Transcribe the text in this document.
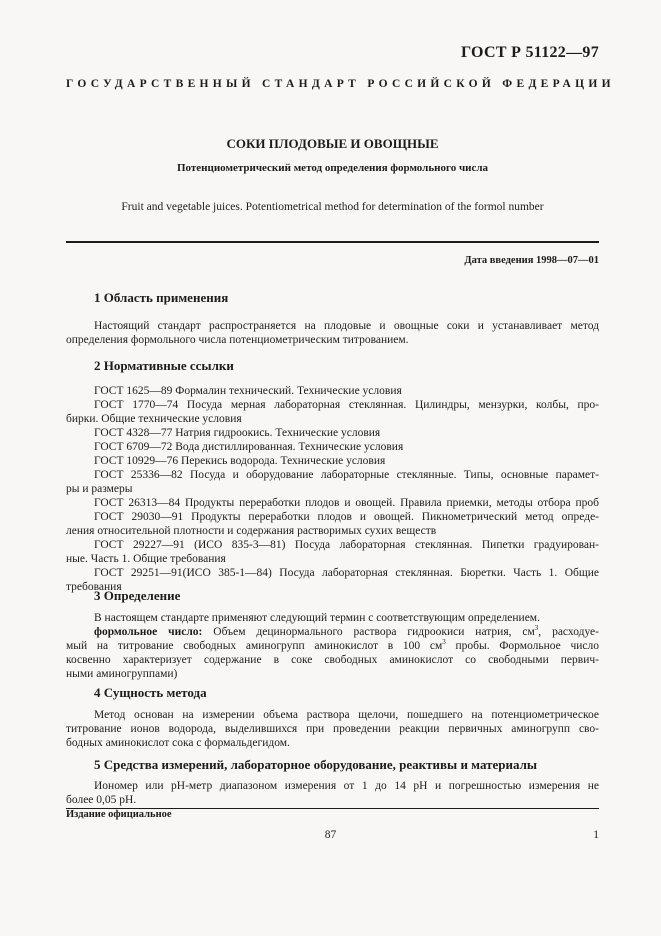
ГОСТ Р 51122—97
ГОСУДАРСТВЕННЫЙ СТАНДАРТ РОССИЙСКОЙ ФЕДЕРАЦИИ
СОКИ ПЛОДОВЫЕ И ОВОЩНЫЕ
Потенциометрический метод определения формольного числа
Fruit and vegetable juices. Potentiometrical method for determination of the formol number
Дата введения 1998—07—01
1 Область применения
Настоящий стандарт распространяется на плодовые и овощные соки и устанавливает метод
определения формольного числа потенциометрическим титрованием.
2 Нормативные ссылки
ГОСТ 1625—89 Формалин технический. Технические условия
ГОСТ 1770—74 Посуда мерная лабораторная стеклянная. Цилиндры, мензурки, колбы, про-
бирки. Общие технические условия
ГОСТ 4328—77 Натрия гидроокись. Технические условия
ГОСТ 6709—72 Вода дистиллированная. Технические условия
ГОСТ 10929—76 Перекись водорода. Технические условия
ГОСТ 25336—82 Посуда и оборудование лабораторные стеклянные. Типы, основные парамет-
ры и размеры
ГОСТ 26313—84 Продукты переработки плодов и овощей. Правила приемки, методы отбора проб
ГОСТ 29030—91 Продукты переработки плодов и овощей. Пикнометрический метод опреде-
ления относительной плотности и содержания растворимых сухих веществ
ГОСТ 29227—91 (ИСО 835-3—81) Посуда лабораторная стеклянная. Пипетки градуирован-
ные. Часть 1. Общие требования
ГОСТ 29251—91(ИСО 385-1—84) Посуда лабораторная стеклянная. Бюретки. Часть 1. Общие
требования
3 Определение
В настоящем стандарте применяют следующий термин с соответствующим определением.
формольное число: Объем децинормального раствора гидроокиси натрия, $см^3$, расходуе-
мый на титрование свободных аминогрупп аминокислот в 100 $см^3$ пробы. Формольное число
косвенно характеризует содержание в соке свободных аминокислот со свободными первич-
ными аминогруппами)
4 Сущность метода
Метод основан на измерении объема раствора щелочи, пошедшего на потенциометрическое
титрование ионов водорода, выделившихся при проведении реакции первичных аминогрупп сво-
бодных аминокислот сока с формальдегидом.
5 Средства измерений, лабораторное оборудование, реактивы и материалы
Иономер или pH-метр диапазоном измерения от 1 до 14 pH и погрешностью измерения не
более 0,05 pH.
Издание официальное
87	1
